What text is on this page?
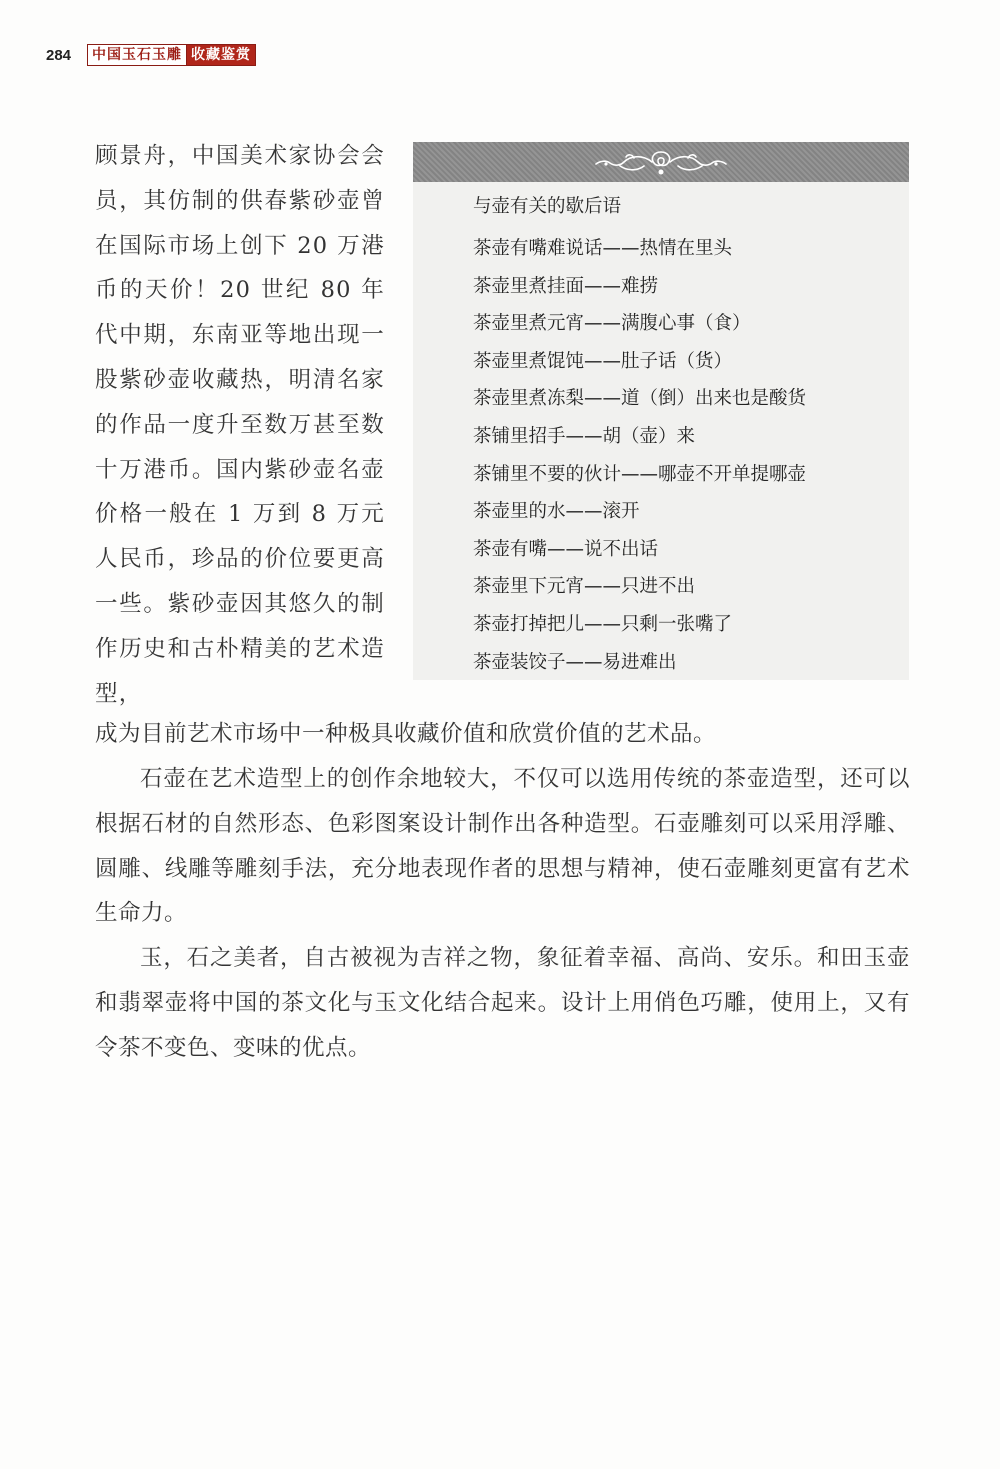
284 中国玉石玉雕 收藏鉴赏

顾景舟，中国美术家协会会员，其仿制的供春紫砂壶曾在国际市场上创下 20 万港币的天价！20 世纪 80 年代中期，东南亚等地出现一股紫砂壶收藏热，明清名家的作品一度升至数万甚至数十万港币。国内紫砂壶名壶价格一般在 1 万到 8 万元人民币，珍品的价位要更高一些。紫砂壶因其悠久的制作历史和古朴精美的艺术造型，

与壶有关的歇后语
茶壶有嘴难说话——热情在里头
茶壶里煮挂面——难捞
茶壶里煮元宵——满腹心事（食）
茶壶里煮馄饨——肚子话（货）
茶壶里煮冻梨——道（倒）出来也是酸货
茶铺里招手——胡（壶）来
茶铺里不要的伙计——哪壶不开单提哪壶
茶壶里的水——滚开
茶壶有嘴——说不出话
茶壶里下元宵——只进不出
茶壶打掉把儿——只剩一张嘴了
茶壶装饺子——易进难出

成为目前艺术市场中一种极具收藏价值和欣赏价值的艺术品。

石壶在艺术造型上的创作余地较大，不仅可以选用传统的茶壶造型，还可以根据石材的自然形态、色彩图案设计制作出各种造型。石壶雕刻可以采用浮雕、圆雕、线雕等雕刻手法，充分地表现作者的思想与精神，使石壶雕刻更富有艺术生命力。

玉，石之美者，自古被视为吉祥之物，象征着幸福、高尚、安乐。和田玉壶和翡翠壶将中国的茶文化与玉文化结合起来。设计上用俏色巧雕，使用上，又有令茶不变色、变味的优点。
